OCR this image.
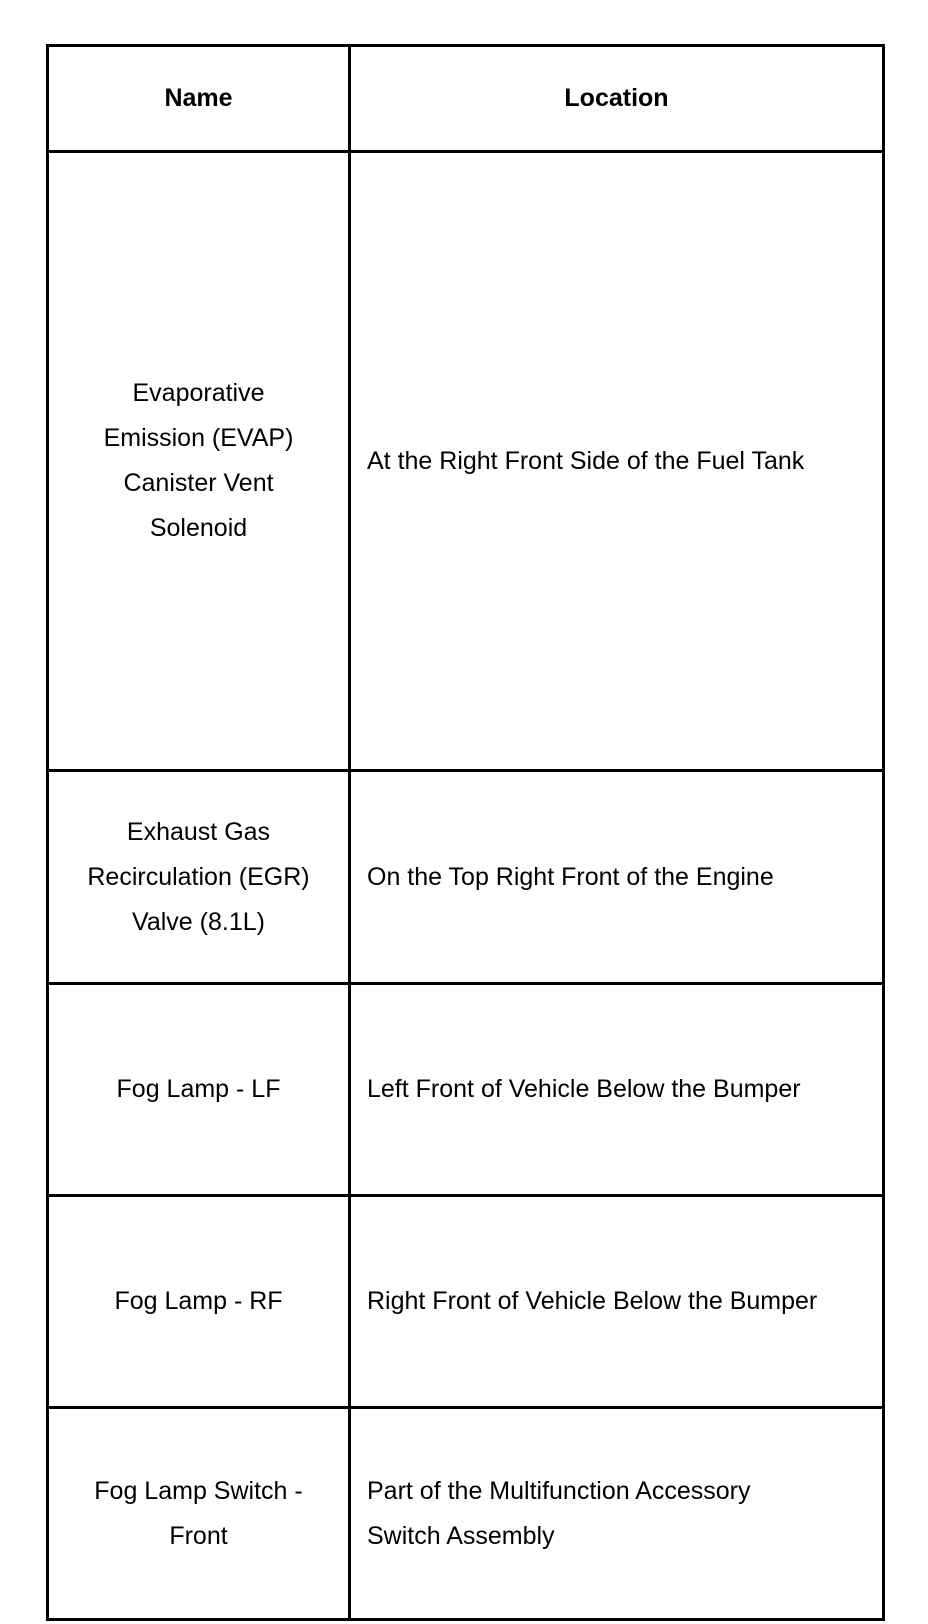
Name	Location

Evaporative Emission (EVAP) Canister Vent Solenoid	At the Right Front Side of the Fuel Tank

Exhaust Gas Recirculation (EGR) Valve (8.1L)	On the Top Right Front of the Engine

Fog Lamp - LF	Left Front of Vehicle Below the Bumper

Fog Lamp - RF	Right Front of Vehicle Below the Bumper

Fog Lamp Switch - Front	Part of the Multifunction Accessory Switch Assembly
